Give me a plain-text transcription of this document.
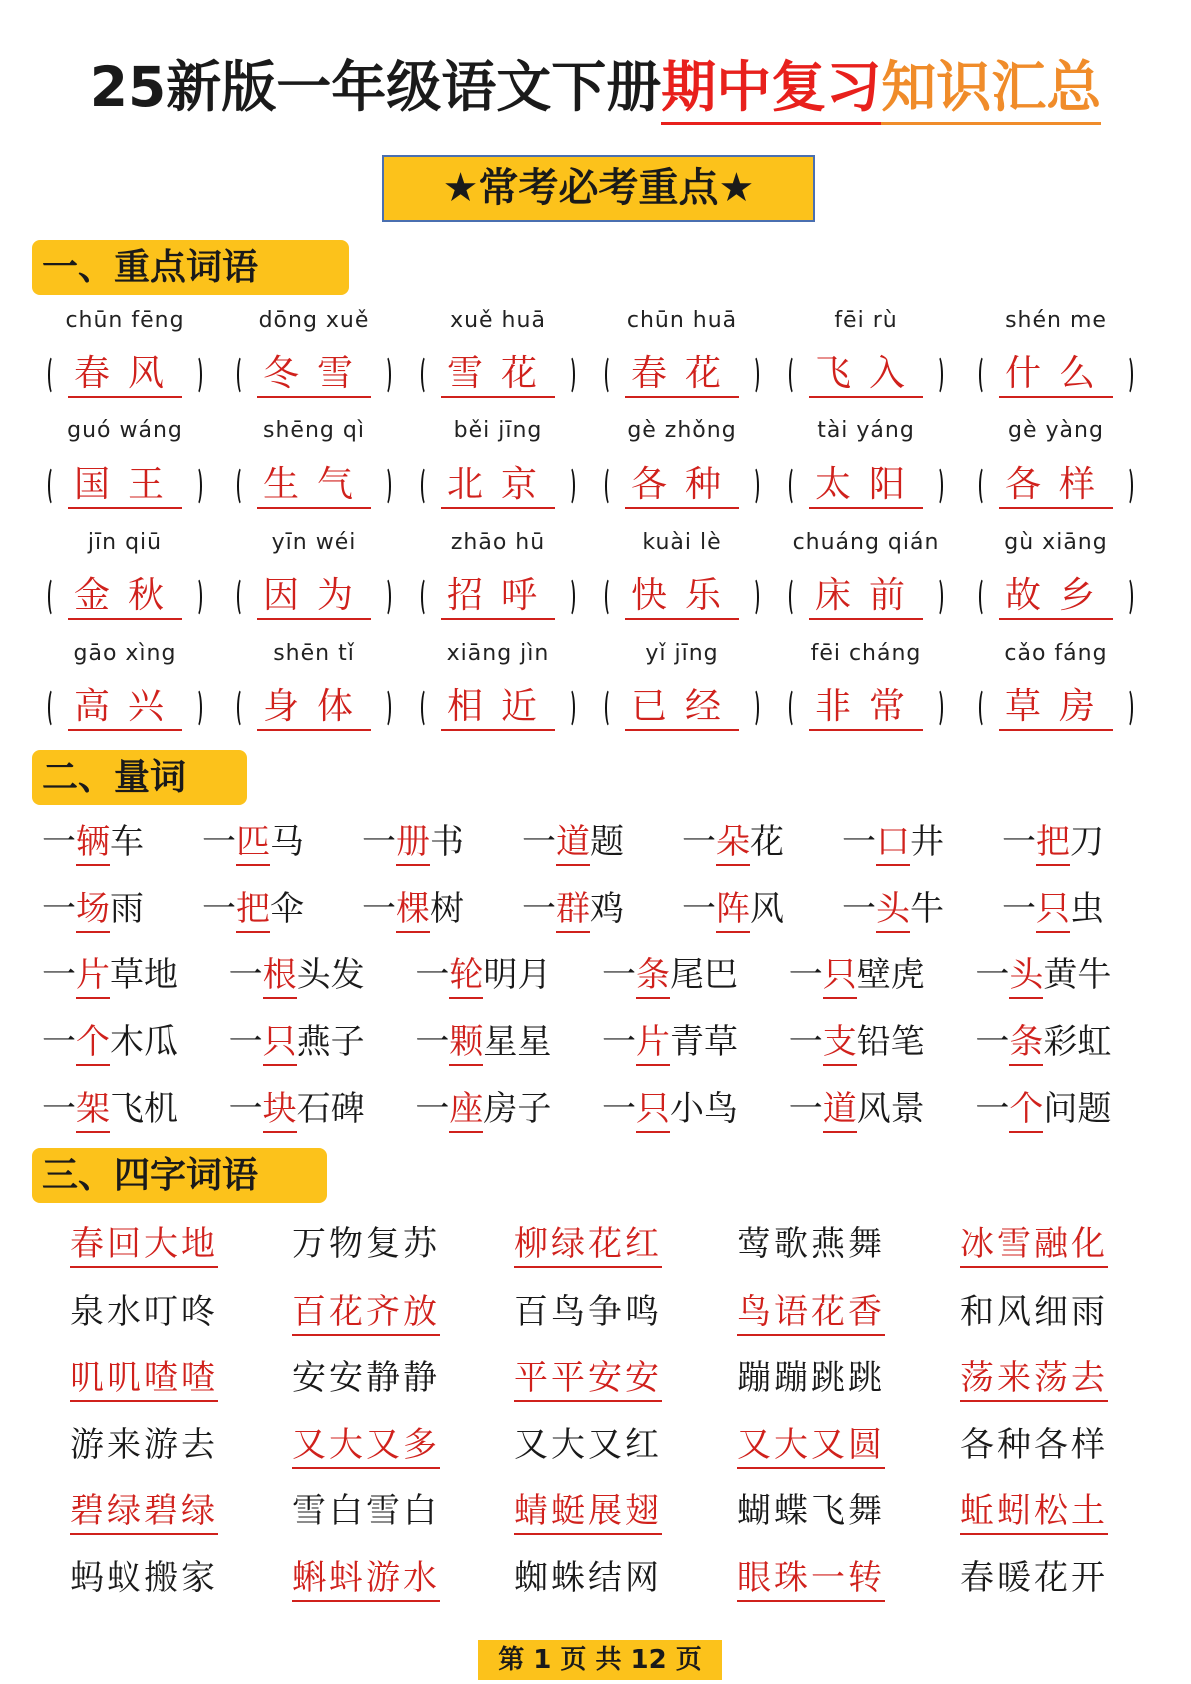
25新版一年级语文下册 期中复习 知识汇总
★常考必考重点★
一、重点词语
二、量词
三、四字词语
chūn fēng
春风
dōng xuě
冬雪
xuě huā
雪花
chūn huā
春花
fēi rù
飞入
shén me
什么
guó wáng
国王
shēng qì
生气
běi jīng
北京
gè zhǒng
各种
tài yáng
太阳
gè yàng
各样
jīn qiū
金秋
yīn wéi
因为
zhāo hū
招呼
kuài lè
快乐
chuáng qián
床前
gù xiāng
故乡
gāo xìng
高兴
shēn tǐ
身体
xiāng jìn
相近
yǐ jīng
已经
fēi cháng
非常
cǎo fáng
草房
一 辆 车 一 匹 马 一 册 书 一 道 题 一 朵 花 一 口 井 一 把 刀
一 场 雨 一 把 伞 一 棵 树 一 群 鸡 一 阵 风 一 头 牛 一 只 虫
一 片 草地 一 根 头发 一 轮 明月 一 条 尾巴 一 只 壁虎 一 头 黄牛
一 个 木瓜 一 只 燕子 一 颗 星星 一 片 青草 一 支 铅笔 一 条 彩虹
一 架 飞机 一 块 石碑 一 座 房子 一 只 小鸟 一 道 风景 一 个 问题
春回大地 万物复苏 柳绿花红 莺歌燕舞 冰雪融化
泉水叮咚 百花齐放 百鸟争鸣 鸟语花香 和风细雨
叽叽喳喳 安安静静 平平安安 蹦蹦跳跳 荡来荡去
游来游去 又大又多 又大又红 又大又圆 各种各样
碧绿碧绿 雪白雪白 蜻蜓展翅 蝴蝶飞舞 蚯蚓松土
蚂蚁搬家 蝌蚪游水 蜘蛛结网 眼珠一转 春暖花开
第 1 页 共 12 页
